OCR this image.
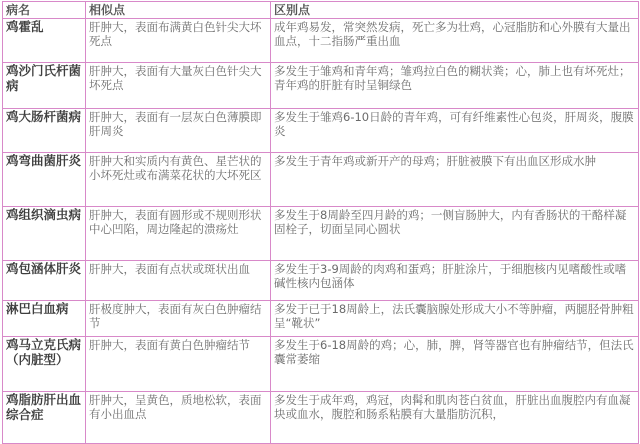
病名	相似点	区别点
鸡霍乱	肝肿大，表面布满黄白色针尖大坏死点	成年鸡易发，常突然发病，死亡多为壮鸡，心冠脂肪和心外膜有大量出血点，十二指肠严重出血
鸡沙门氏杆菌病	肝肿大，表面有大量灰白色针尖大坏死点	多发生于雏鸡和青年鸡；雏鸡拉白色的糊状粪；心，肺上也有坏死灶；青年鸡的肝脏有时呈铜绿色
鸡大肠杆菌病	肝肿大，表面有一层灰白色薄膜即肝周炎	多发生于雏鸡6-10日龄的青年鸡，可有纤维素性心包炎，肝周炎，腹膜炎
鸡弯曲菌肝炎	肝肿大和实质内有黄色、星芒状的小坏死灶或布满菜花状的大坏死区	多发生于青年鸡或新开产的母鸡；肝脏被膜下有出血区形成水肿
鸡组织滴虫病	肝肿大，表面有圆形或不规则形状中心凹陷，周边隆起的溃疡灶	多发生于8周龄至四月龄的鸡；一侧盲肠肿大，内有香肠状的干酪样凝固栓子，切面呈同心圆状
鸡包涵体肝炎	肝肿大，表面有点状或斑状出血	多发生于3-9周龄的肉鸡和蛋鸡；肝脏涂片，于细胞核内见嗜酸性或嗜碱性核内包涵体
淋巴白血病	肝极度肿大，表面有灰白色肿瘤结节	多发于已于18周龄上，法氏囊脑腺处形成大小不等肿瘤，两腿胫骨肿粗呈“靴状”
鸡马立克氏病（内脏型）	肝肿大，表面有黄白色肿瘤结节	多发生于6-18周龄的鸡；心，肺，脾，肾等器官也有肿瘤结节，但法氏囊常萎缩
鸡脂肪肝出血综合症	肝肿大，呈黄色，质地松软，表面有小出血点	多发生于成年鸡，鸡冠，肉髯和肌肉苍白贫血，肝脏出血腹腔内有血凝块或血水，腹腔和肠系粘膜有大量脂肪沉积，
